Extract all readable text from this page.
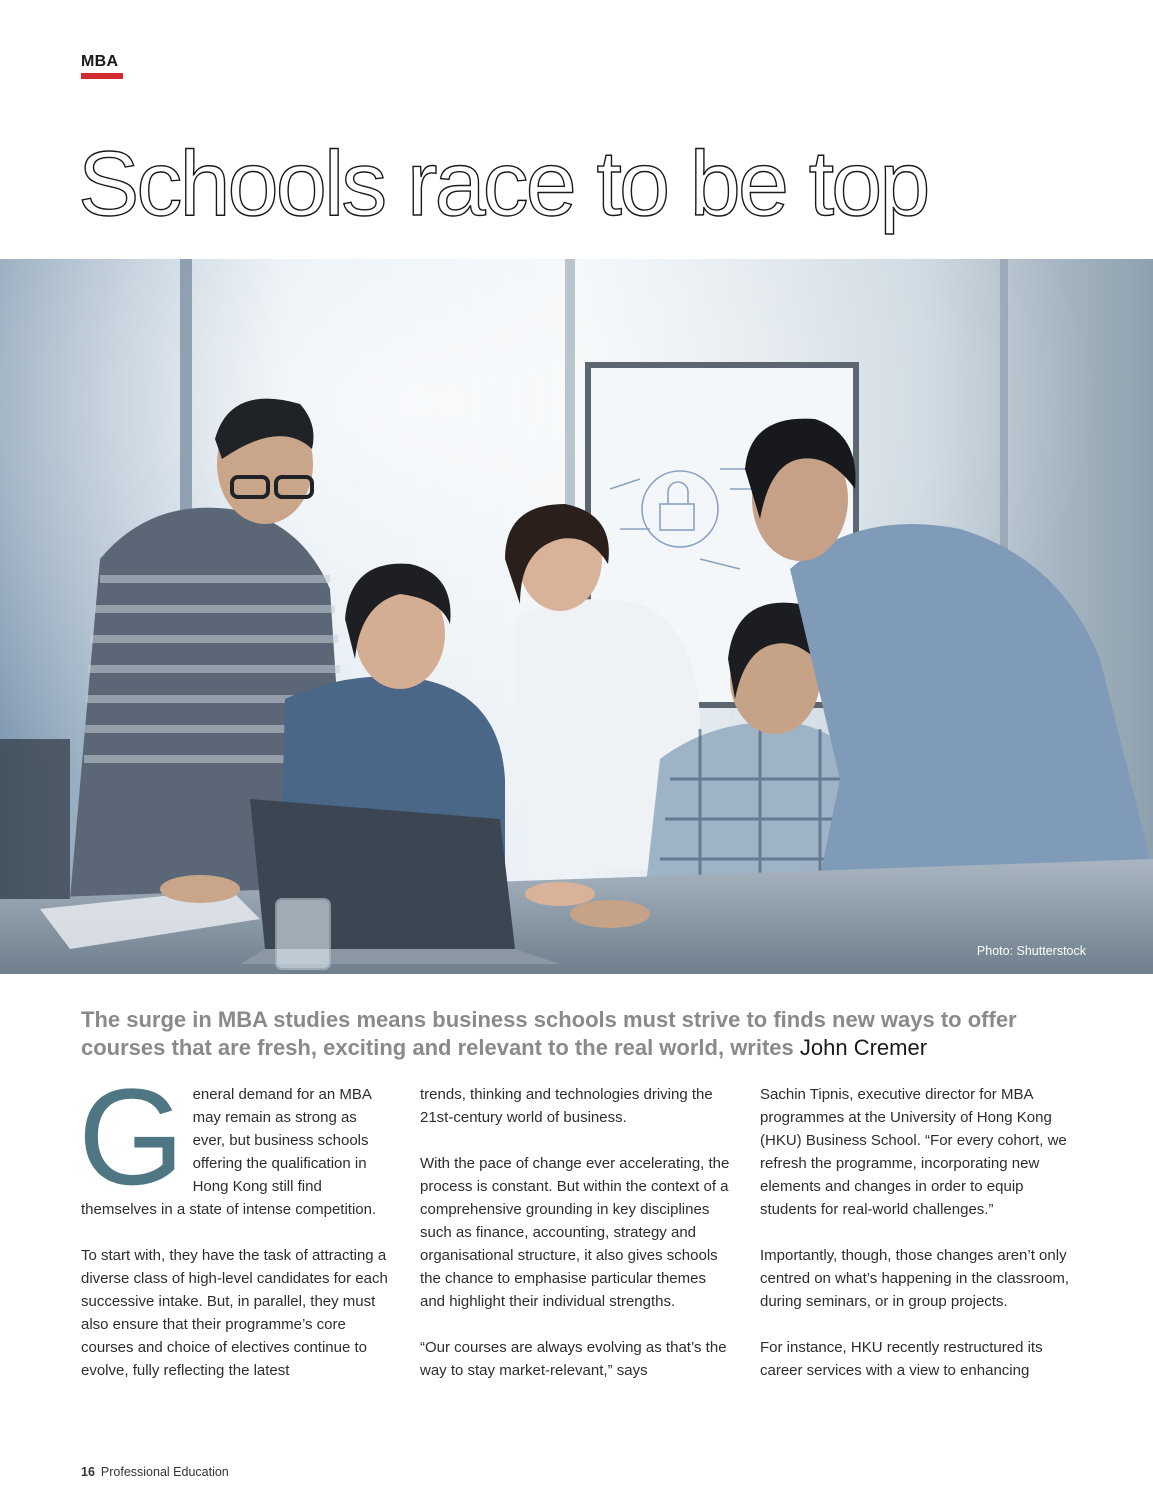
MBA
Schools race to be top
Photo: Shutterstock

The surge in MBA studies means business schools must strive to finds new ways to offer courses that are fresh, exciting and relevant to the real world, writes John Cremer

General demand for an MBA may remain as strong as ever, but business schools offering the qualification in Hong Kong still find themselves in a state of intense competition.

To start with, they have the task of attracting a diverse class of high-level candidates for each successive intake. But, in parallel, they must also ensure that their programme’s core courses and choice of electives continue to evolve, fully reflecting the latest

trends, thinking and technologies driving the 21st-century world of business.

With the pace of change ever accelerating, the process is constant. But within the context of a comprehensive grounding in key disciplines such as finance, accounting, strategy and organisational structure, it also gives schools the chance to emphasise particular themes and highlight their individual strengths.

“Our courses are always evolving as that’s the way to stay market-relevant,” says

Sachin Tipnis, executive director for MBA programmes at the University of Hong Kong (HKU) Business School. “For every cohort, we refresh the programme, incorporating new elements and changes in order to equip students for real-world challenges.”

Importantly, though, those changes aren’t only centred on what’s happening in the classroom, during seminars, or in group projects.

For instance, HKU recently restructured its career services with a view to enhancing

16 Professional Education
